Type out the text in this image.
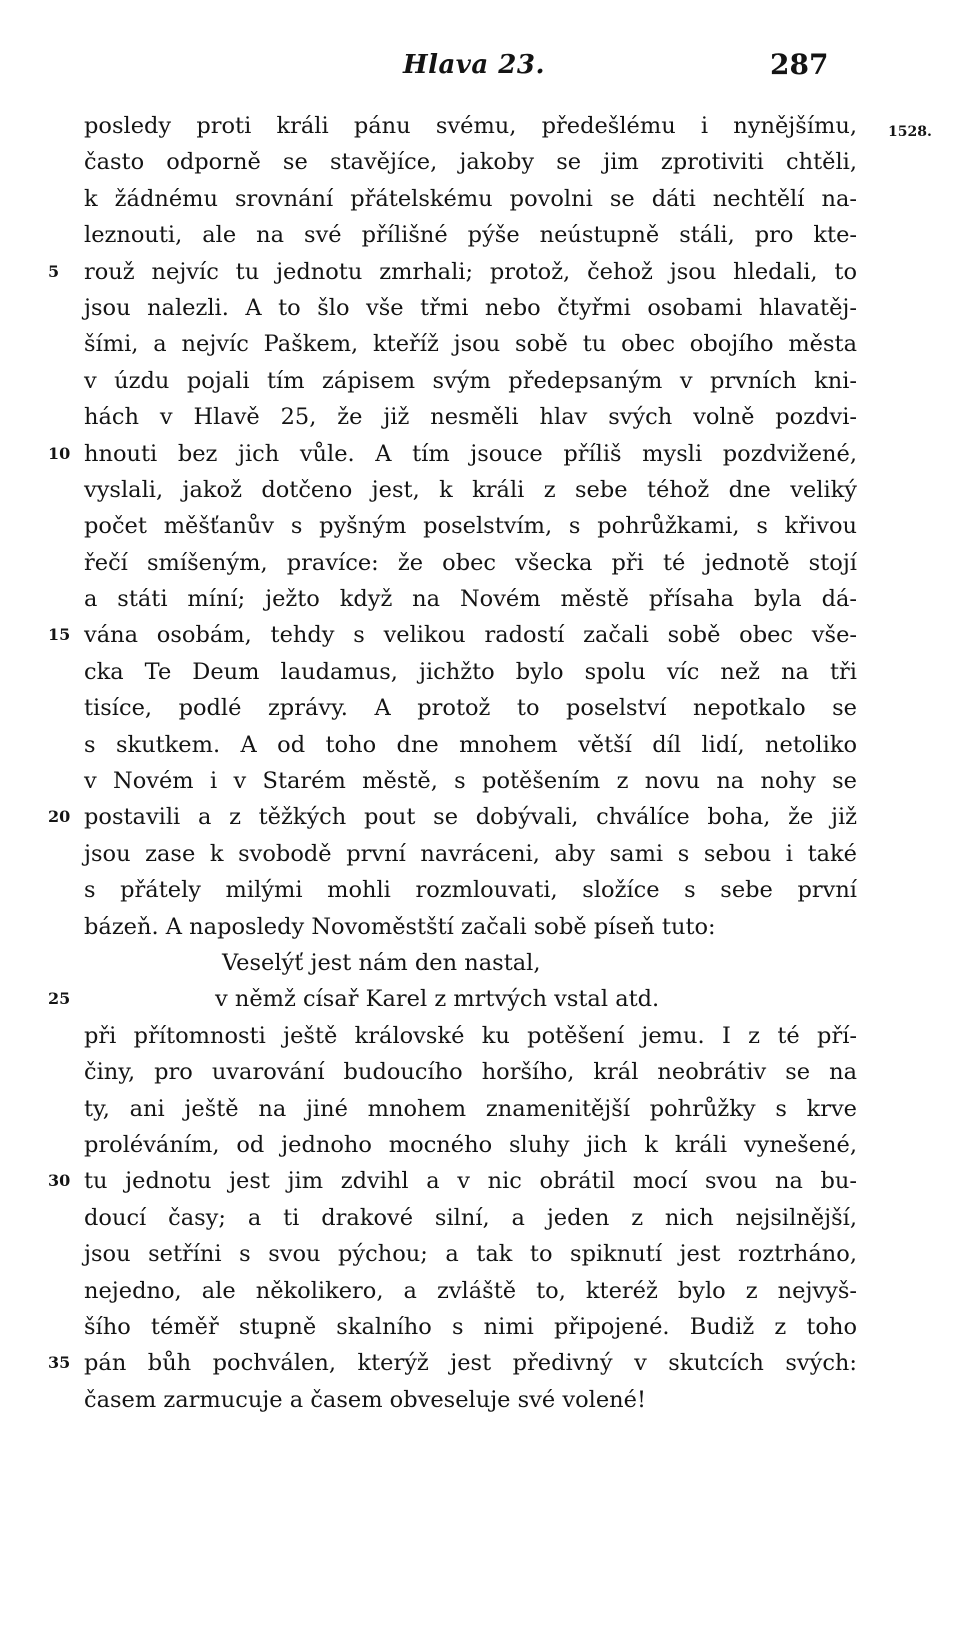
Hlava 23.	287
1528.
posledy proti králi pánu svému, předešlému i nynějšímu,
často odporně se stavějíce, jakoby se jim zprotiviti chtěli,
k žádnému srovnání přátelskému povolni se dáti nechtělí na-
leznouti, ale na své přílišné pýše neústupně stáli, pro kte-
5	rouž nejvíc tu jednotu zmrhali; protož, čehož jsou hledali, to
jsou nalezli. A to šlo vše třmi nebo čtyřmi osobami hlavatěj-
šími, a nejvíc Paškem, kteříž jsou sobě tu obec obojího města
v úzdu pojali tím zápisem svým předepsaným v prvních kni-
hách v Hlavě 25, že již nesměli hlav svých volně pozdvi-
10 hnouti bez jich vůle. A tím jsouce příliš mysli pozdvižené,
vyslali, jakož dotčeno jest, k králi z sebe téhož dne veliký
počet měšťanův s pyšným poselstvím, s pohrůžkami, s křivou
řečí smíšeným, pravíce: že obec všecka při té jednotě stojí
a státi míní; ježto když na Novém městě přísaha byla dá-
15 vána osobám, tehdy s velikou radostí začali sobě obec vše-
cka Te Deum laudamus, jichžto bylo spolu víc než na tři
tisíce, podlé zprávy. A protož to poselství nepotkalo se
s skutkem. A od toho dne mnohem větší díl lidí, netoliko
v Novém i v Starém městě, s potěšením z novu na nohy se
20 postavili a z těžkých pout se dobývali, chválíce boha, že již
jsou zase k svobodě první navráceni, aby sami s sebou i také
s přátely milými mohli rozmlouvati, složíce s sebe první
bázeň. A naposledy Novoměstští začali sobě píseň tuto:
Veselýť jest nám den nastal,
25	v němž císař Karel z mrtvých vstal atd.
při přítomnosti ještě královské ku potěšení jemu. I z té pří-
činy, pro uvarování budoucího horšího, král neobrátiv se na
ty, ani ještě na jiné mnohem znamenitější pohrůžky s krve
proléváním, od jednoho mocného sluhy jich k králi vynešené,
30 tu jednotu jest jim zdvihl a v nic obrátil mocí svou na bu-
doucí časy; a ti drakové silní, a jeden z nich nejsilnější,
jsou setříni s svou pýchou; a tak to spiknutí jest roztrháno,
nejedno, ale několikero, a zvláště to, kteréž bylo z nejvyš-
šího téměř stupně skalního s nimi připojené. Budiž z toho
35 pán bůh pochválen, kterýž jest předivný v skutcích svých:
časem zarmucuje a časem obveseluje své volené!
